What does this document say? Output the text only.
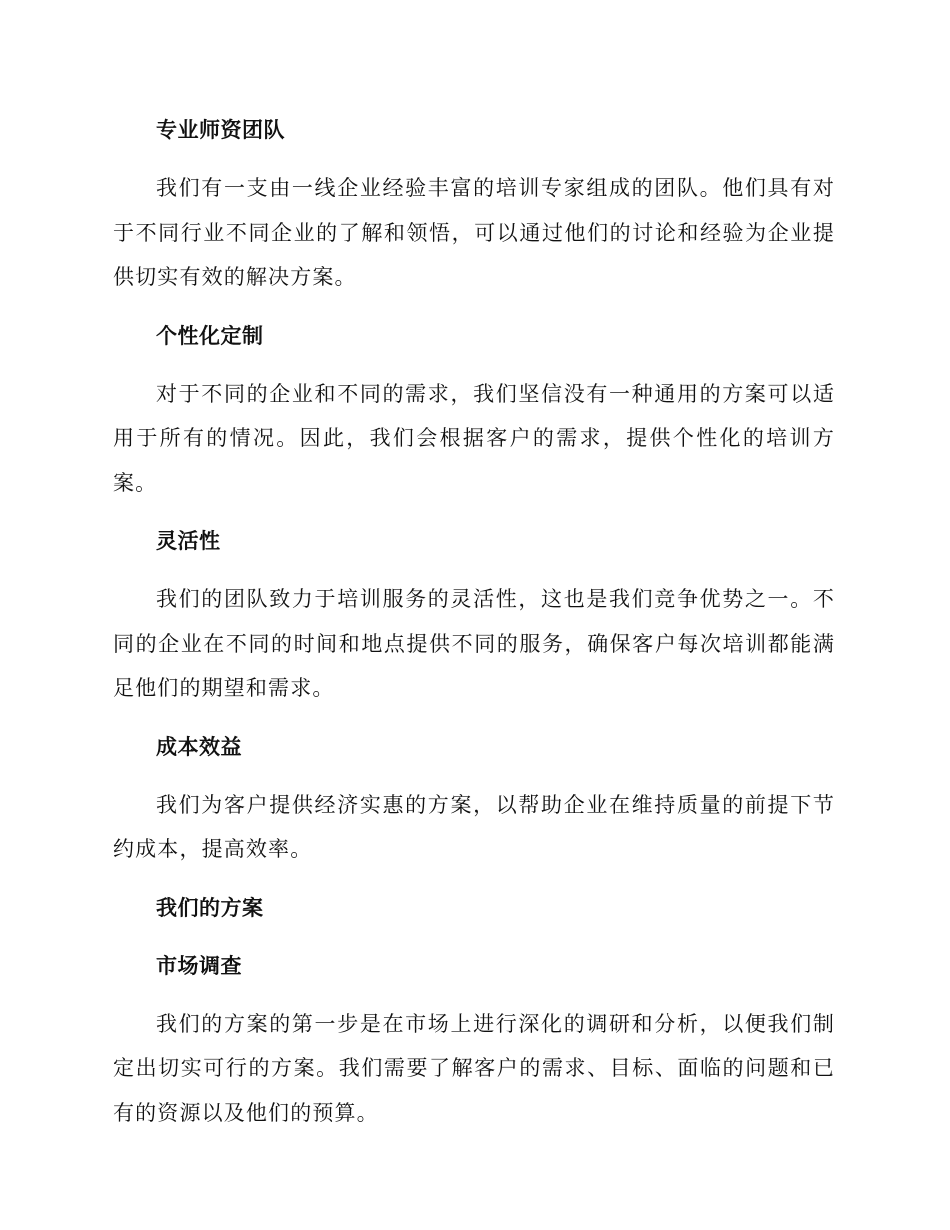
专业师资团队

我们有一支由一线企业经验丰富的培训专家组成的团队。他们具有对于不同行业不同企业的了解和领悟，可以通过他们的讨论和经验为企业提供切实有效的解决方案。

个性化定制

对于不同的企业和不同的需求，我们坚信没有一种通用的方案可以适用于所有的情况。因此，我们会根据客户的需求，提供个性化的培训方案。

灵活性

我们的团队致力于培训服务的灵活性，这也是我们竞争优势之一。不同的企业在不同的时间和地点提供不同的服务，确保客户每次培训都能满足他们的期望和需求。

成本效益

我们为客户提供经济实惠的方案，以帮助企业在维持质量的前提下节约成本，提高效率。

我们的方案
市场调查

我们的方案的第一步是在市场上进行深化的调研和分析，以便我们制定出切实可行的方案。我们需要了解客户的需求、目标、面临的问题和已有的资源以及他们的预算。
